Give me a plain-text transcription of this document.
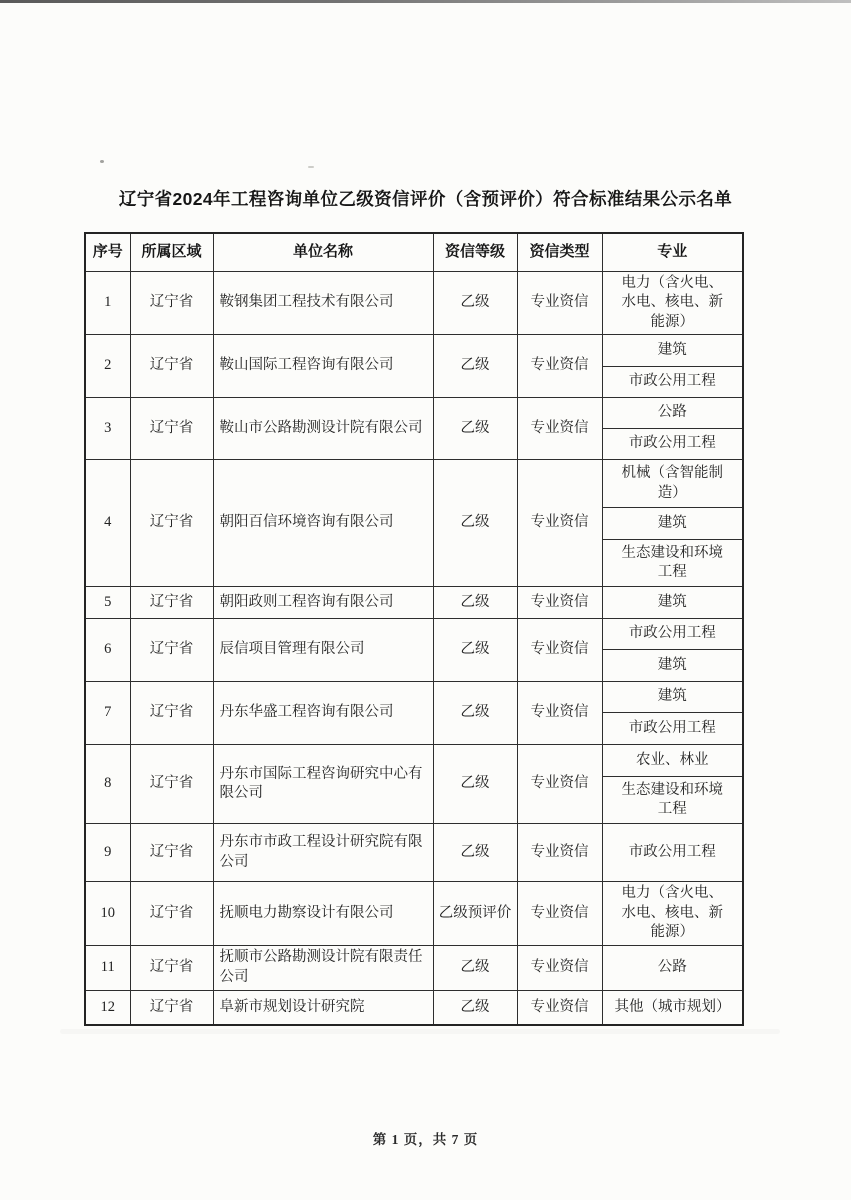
辽宁省2024年工程咨询单位乙级资信评价（含预评价）符合标准结果公示名单
序号	所属区域	单位名称	资信等级	资信类型	专业
1	辽宁省	鞍钢集团工程技术有限公司	乙级	专业资信	电力（含火电、水电、核电、新能源）
2	辽宁省	鞍山国际工程咨询有限公司	乙级	专业资信	建筑
					市政公用工程
3	辽宁省	鞍山市公路勘测设计院有限公司	乙级	专业资信	公路
					市政公用工程
4	辽宁省	朝阳百信环境咨询有限公司	乙级	专业资信	机械（含智能制造）
					建筑
					生态建设和环境工程
5	辽宁省	朝阳政则工程咨询有限公司	乙级	专业资信	建筑
6	辽宁省	辰信项目管理有限公司	乙级	专业资信	市政公用工程
					建筑
7	辽宁省	丹东华盛工程咨询有限公司	乙级	专业资信	建筑
					市政公用工程
8	辽宁省	丹东市国际工程咨询研究中心有限公司	乙级	专业资信	农业、林业
					生态建设和环境工程
9	辽宁省	丹东市市政工程设计研究院有限公司	乙级	专业资信	市政公用工程
10	辽宁省	抚顺电力勘察设计有限公司	乙级预评价	专业资信	电力（含火电、水电、核电、新能源）
11	辽宁省	抚顺市公路勘测设计院有限责任公司	乙级	专业资信	公路
12	辽宁省	阜新市规划设计研究院	乙级	专业资信	其他（城市规划）
第 1 页，共 7 页
